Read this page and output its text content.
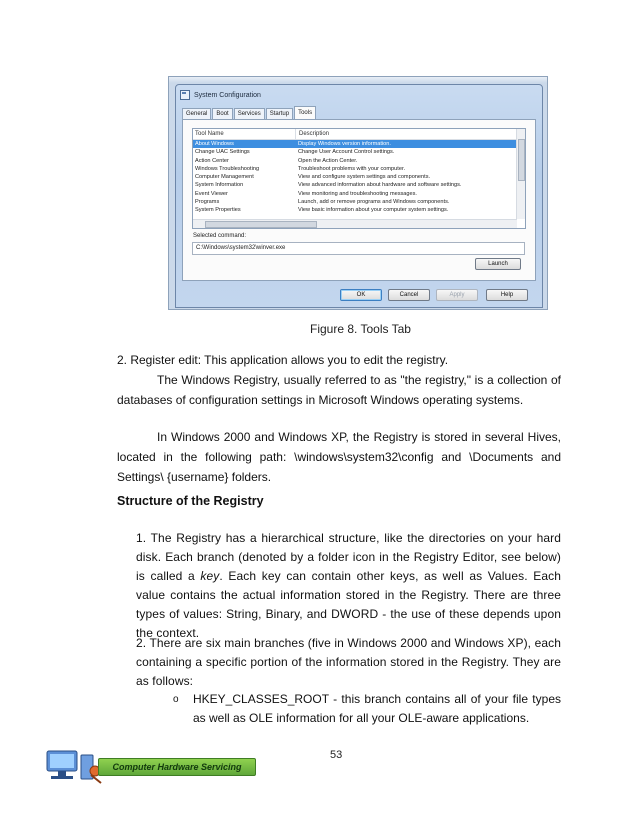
System Configuration
General	Boot	Services	Startup	Tools
Tool Name	Description
About Windows	Display Windows version information.
Change UAC Settings	Change User Account Control settings.
Action Center	Open the Action Center.
Windows Troubleshooting	Troubleshoot problems with your computer.
Computer Management	View and configure system settings and components.
System Information	View advanced information about hardware and software settings.
Event Viewer	View monitoring and troubleshooting messages.
Programs	Launch, add or remove programs and Windows components.
System Properties	View basic information about your computer system settings.
Selected command:
C:\Windows\system32\winver.exe
Launch
OK	Cancel	Apply	Help
Figure 8. Tools Tab

2. Register edit: This application allows you to edit the registry.

The Windows Registry, usually referred to as "the registry," is a collection of databases of configuration settings in Microsoft Windows operating systems.

In Windows 2000 and Windows XP, the Registry is stored in several Hives, located in the following path: \windows\system32\config and \Documents and Settings\ {username} folders.

Structure of the Registry

1. The Registry has a hierarchical structure, like the directories on your hard disk. Each branch (denoted by a folder icon in the Registry Editor, see below) is called a key. Each key can contain other keys, as well as Values. Each value contains the actual information stored in the Registry. There are three types of values: String, Binary, and DWORD - the use of these depends upon the context.

2. There are six main branches (five in Windows 2000 and Windows XP), each containing a specific portion of the information stored in the Registry. They are as follows:

o HKEY_CLASSES_ROOT - this branch contains all of your file types as well as OLE information for all your OLE-aware applications.

53
Computer Hardware Servicing
